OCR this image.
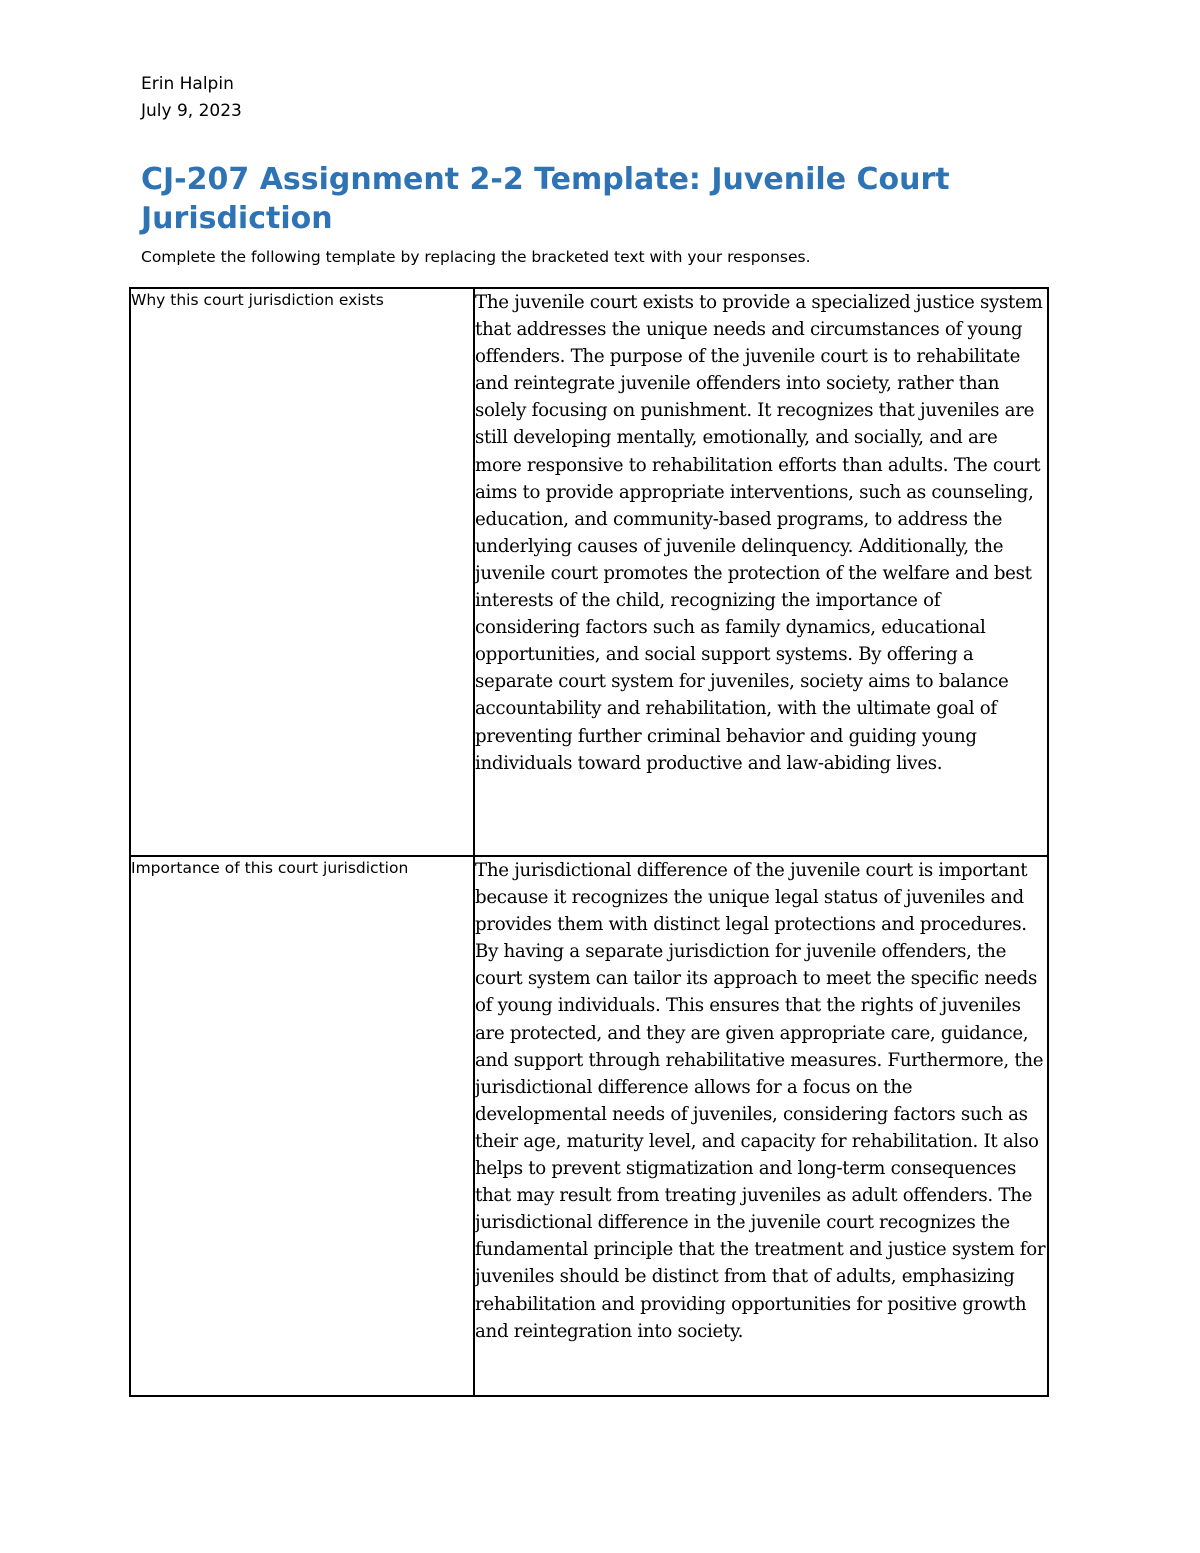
Erin Halpin
July 9, 2023
CJ-207 Assignment 2-2 Template: Juvenile Court Jurisdiction
Complete the following template by replacing the bracketed text with your responses.
Why this court jurisdiction exists	The juvenile court exists to provide a specialized justice system that addresses the unique needs and circumstances of young offenders. The purpose of the juvenile court is to rehabilitate and reintegrate juvenile offenders into society, rather than solely focusing on punishment. It recognizes that juveniles are still developing mentally, emotionally, and socially, and are more responsive to rehabilitation efforts than adults. The court aims to provide appropriate interventions, such as counseling, education, and community-based programs, to address the underlying causes of juvenile delinquency. Additionally, the juvenile court promotes the protection of the welfare and best interests of the child, recognizing the importance of considering factors such as family dynamics, educational opportunities, and social support systems. By offering a separate court system for juveniles, society aims to balance accountability and rehabilitation, with the ultimate goal of preventing further criminal behavior and guiding young individuals toward productive and law-abiding lives.
Importance of this court jurisdiction	The jurisdictional difference of the juvenile court is important because it recognizes the unique legal status of juveniles and provides them with distinct legal protections and procedures. By having a separate jurisdiction for juvenile offenders, the court system can tailor its approach to meet the specific needs of young individuals. This ensures that the rights of juveniles are protected, and they are given appropriate care, guidance, and support through rehabilitative measures. Furthermore, the jurisdictional difference allows for a focus on the developmental needs of juveniles, considering factors such as their age, maturity level, and capacity for rehabilitation. It also helps to prevent stigmatization and long-term consequences that may result from treating juveniles as adult offenders. The jurisdictional difference in the juvenile court recognizes the fundamental principle that the treatment and justice system for juveniles should be distinct from that of adults, emphasizing rehabilitation and providing opportunities for positive growth and reintegration into society.
